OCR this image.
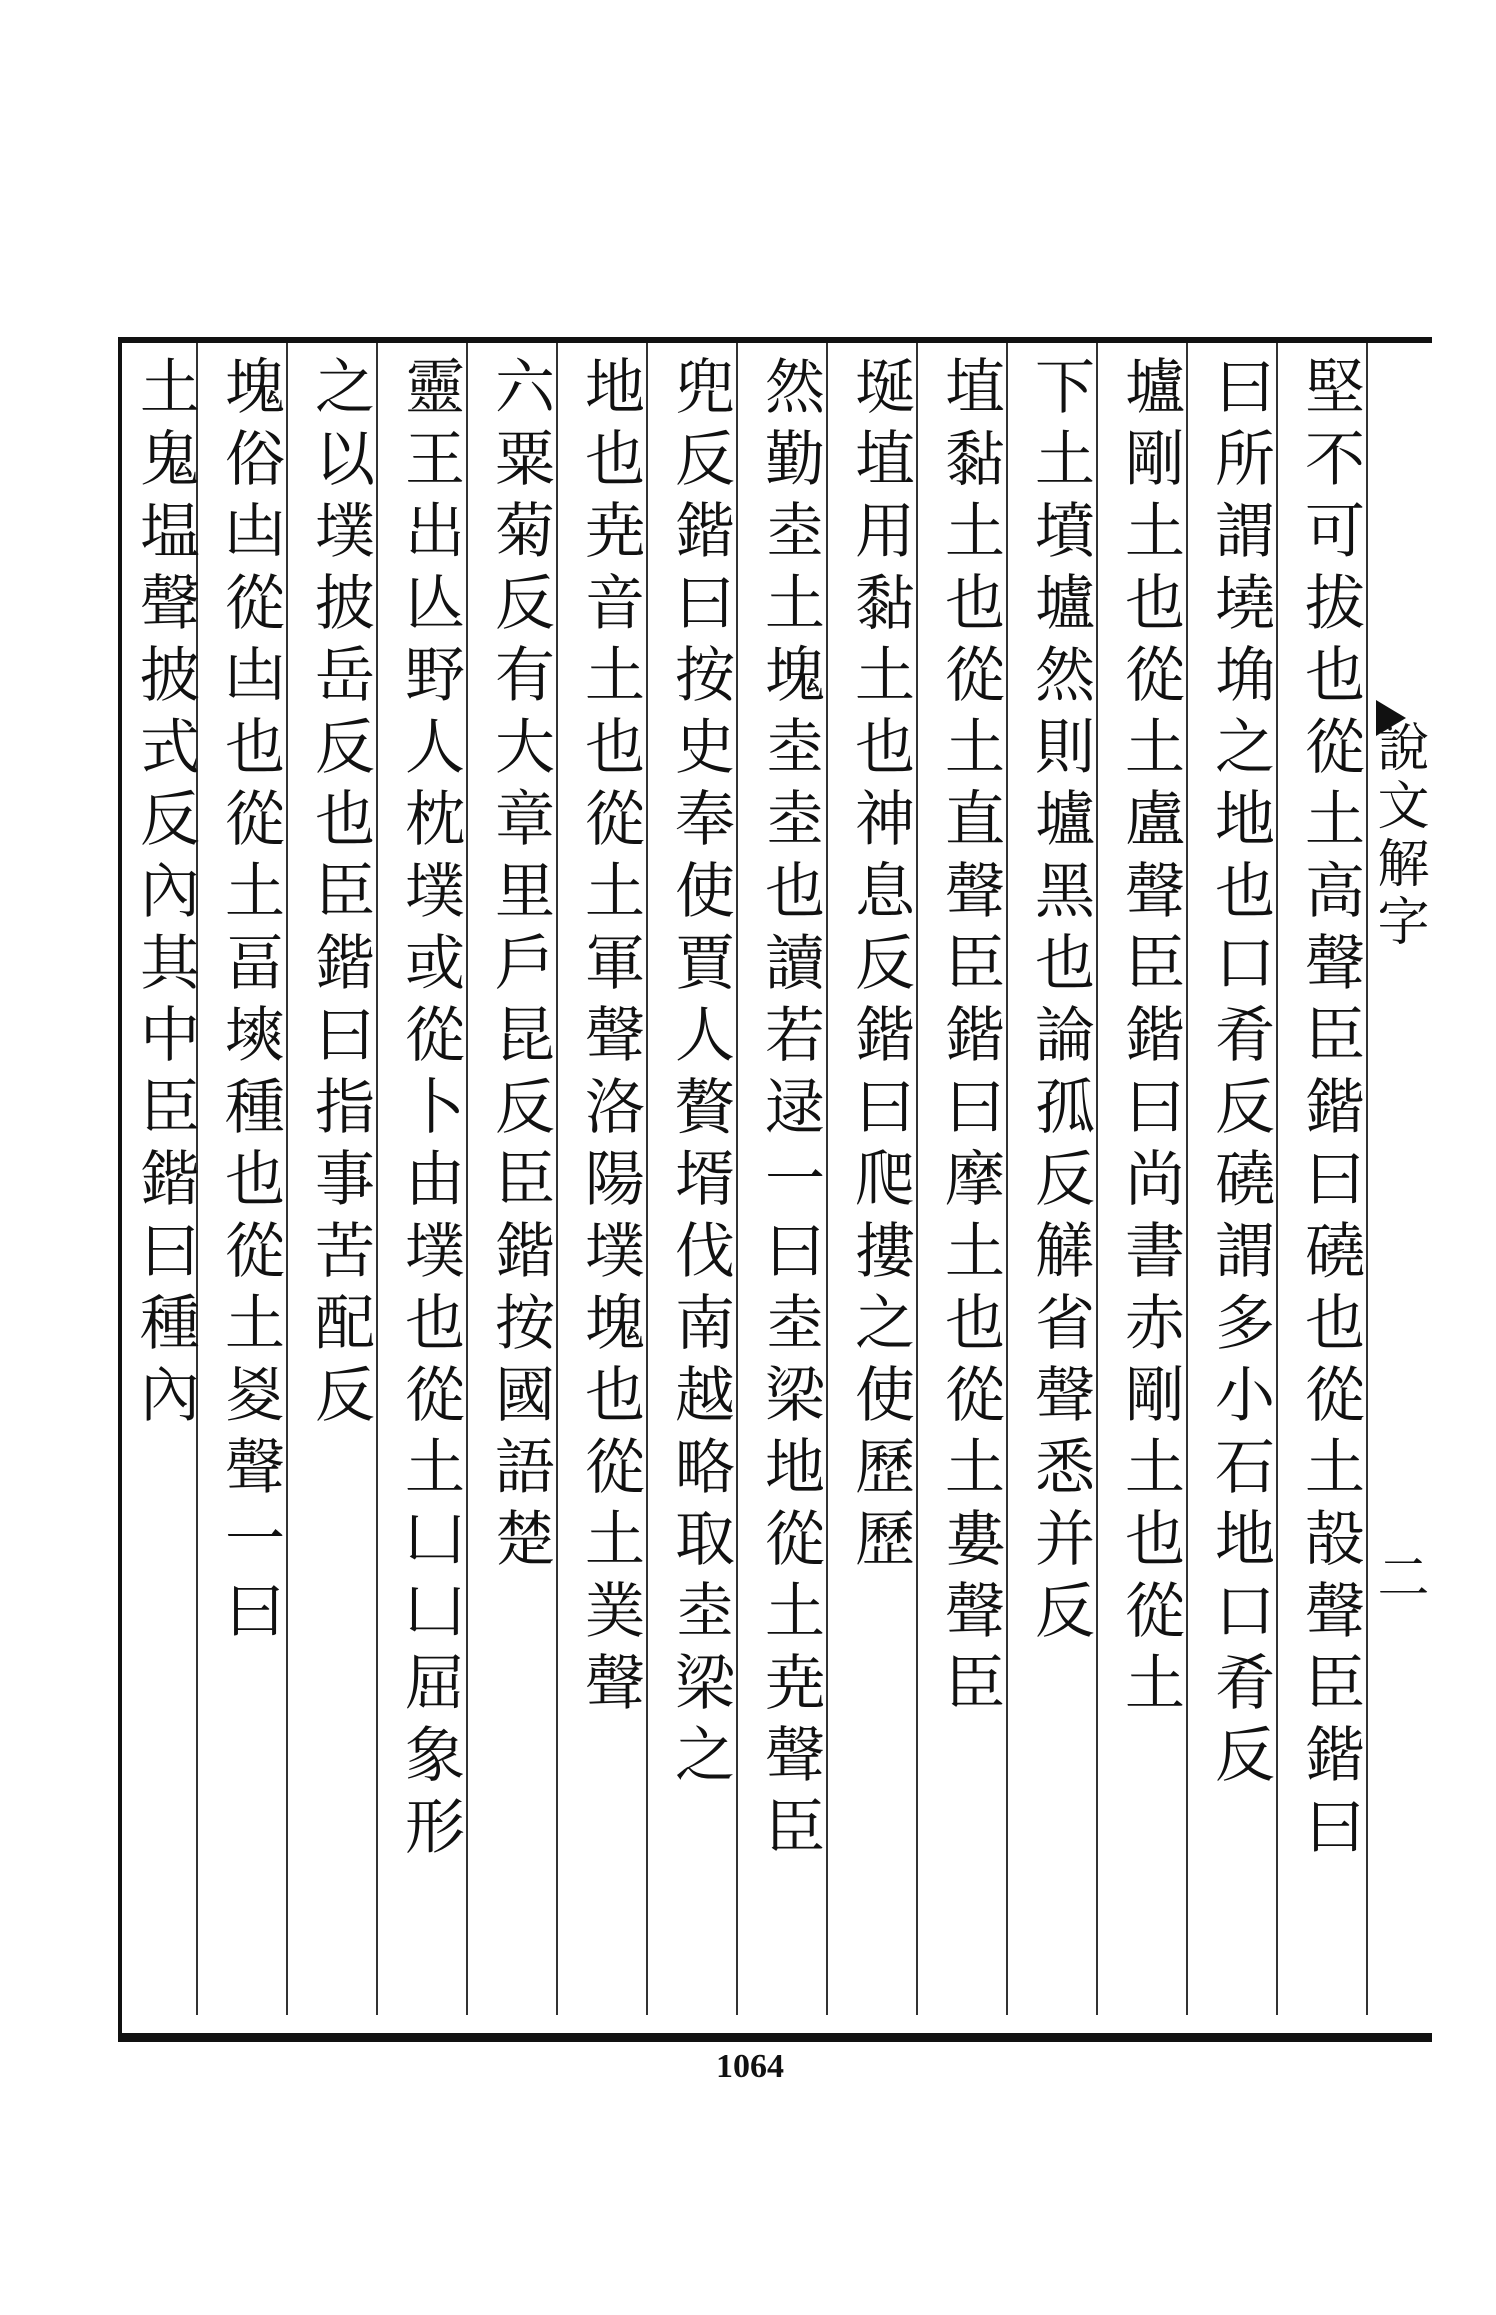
說文解字
二
堅不可拔也從土高聲臣鍇曰磽也從土㱿聲臣鍇曰
曰所謂墝埆之地也口肴反磽謂多小石地口肴反
壚剛土也從土盧聲臣鍇曰尚書赤剛土也從土
下土墳壚然則壚黑也論孤反觲省聲悉并反
埴黏土也從土直聲臣鍇曰摩土也從土婁聲臣
埏埴用黏土也神息反鍇曰爬摟之使歷歷
然勤坴土塊坴坴也讀若逯一曰坴梁地從土尭聲臣
兜反鍇曰按史奉使賈人贅壻伐南越略取坴梁之
地也尭音土也從土軍聲洛陽墣塊也從土菐聲
六粟菊反有大章里戶昆反臣鍇按國語楚
靈王出亾野人枕墣或從卜由墣也從土凵凵屈象形
之以墣披岳反也臣鍇曰指事苦配反
塊俗凷從凷也從土畐塽種也從土㚇聲一曰
土鬼塭聲披式反內其中臣鍇曰種內
1064
